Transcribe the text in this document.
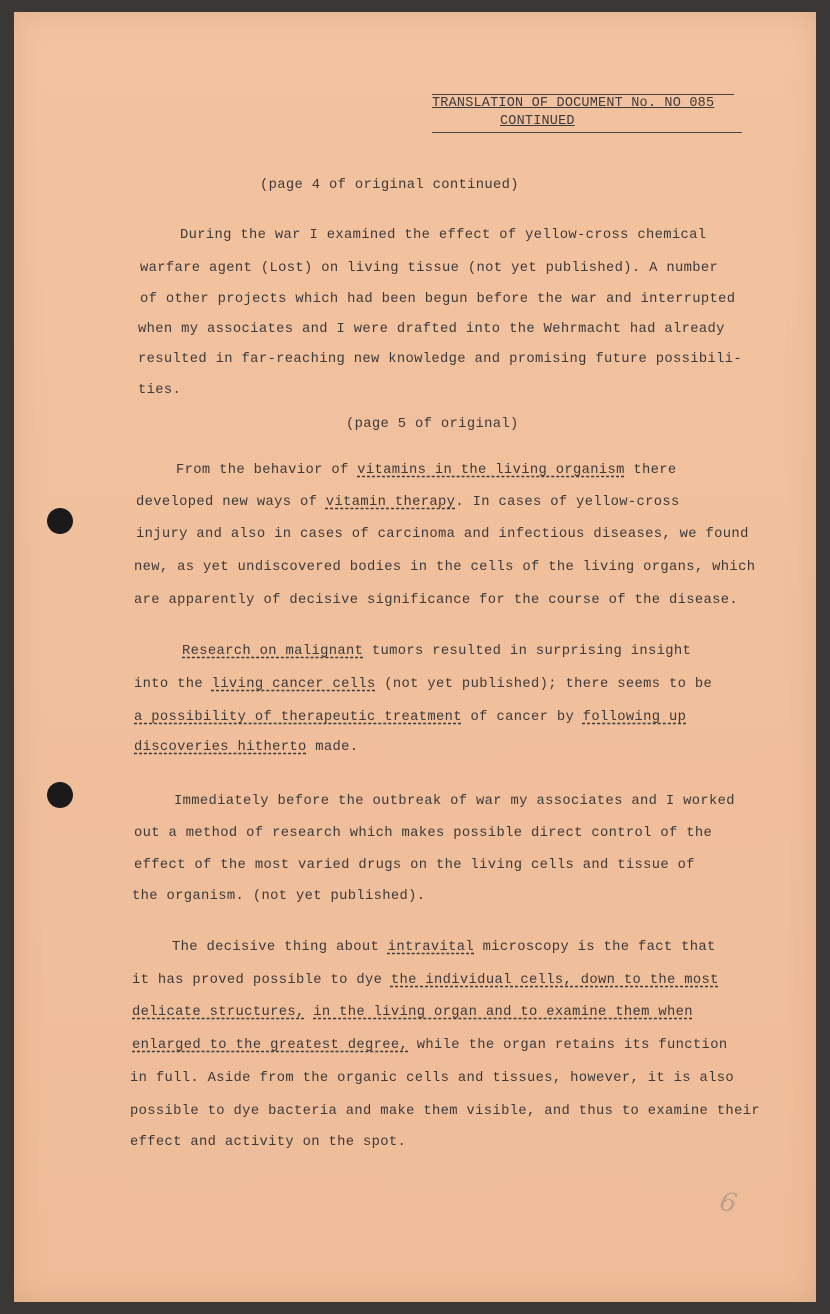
TRANSLATION OF DOCUMENT No. NO 085
CONTINUED
(page 4 of original continued)
During the war I examined the effect of yellow-cross chemical
warfare agent (Lost) on living tissue (not yet published). A number
of other projects which had been begun before the war and interrupted
when my associates and I were drafted into the Wehrmacht had already
resulted in far-reaching new knowledge and promising future possibili-
ties.
(page 5 of original)
From the behavior of vitamins in the living organism there
developed new ways of vitamin therapy. In cases of yellow-cross
injury and also in cases of carcinoma and infectious diseases, we found
new, as yet undiscovered bodies in the cells of the living organs, which
are apparently of decisive significance for the course of the disease.
Research on malignant tumors resulted in surprising insight
into the living cancer cells (not yet published); there seems to be
a possibility of therapeutic treatment of cancer by following up
discoveries hitherto made.
Immediately before the outbreak of war my associates and I worked
out a method of research which makes possible direct control of the
effect of the most varied drugs on the living cells and tissue of
the organism. (not yet published).
The decisive thing about intravital microscopy is the fact that
it has proved possible to dye the individual cells, down to the most
delicate structures, in the living organ and to examine them when
enlarged to the greatest degree, while the organ retains its function
in full. Aside from the organic cells and tissues, however, it is also
possible to dye bacteria and make them visible, and thus to examine their
effect and activity on the spot.
6
